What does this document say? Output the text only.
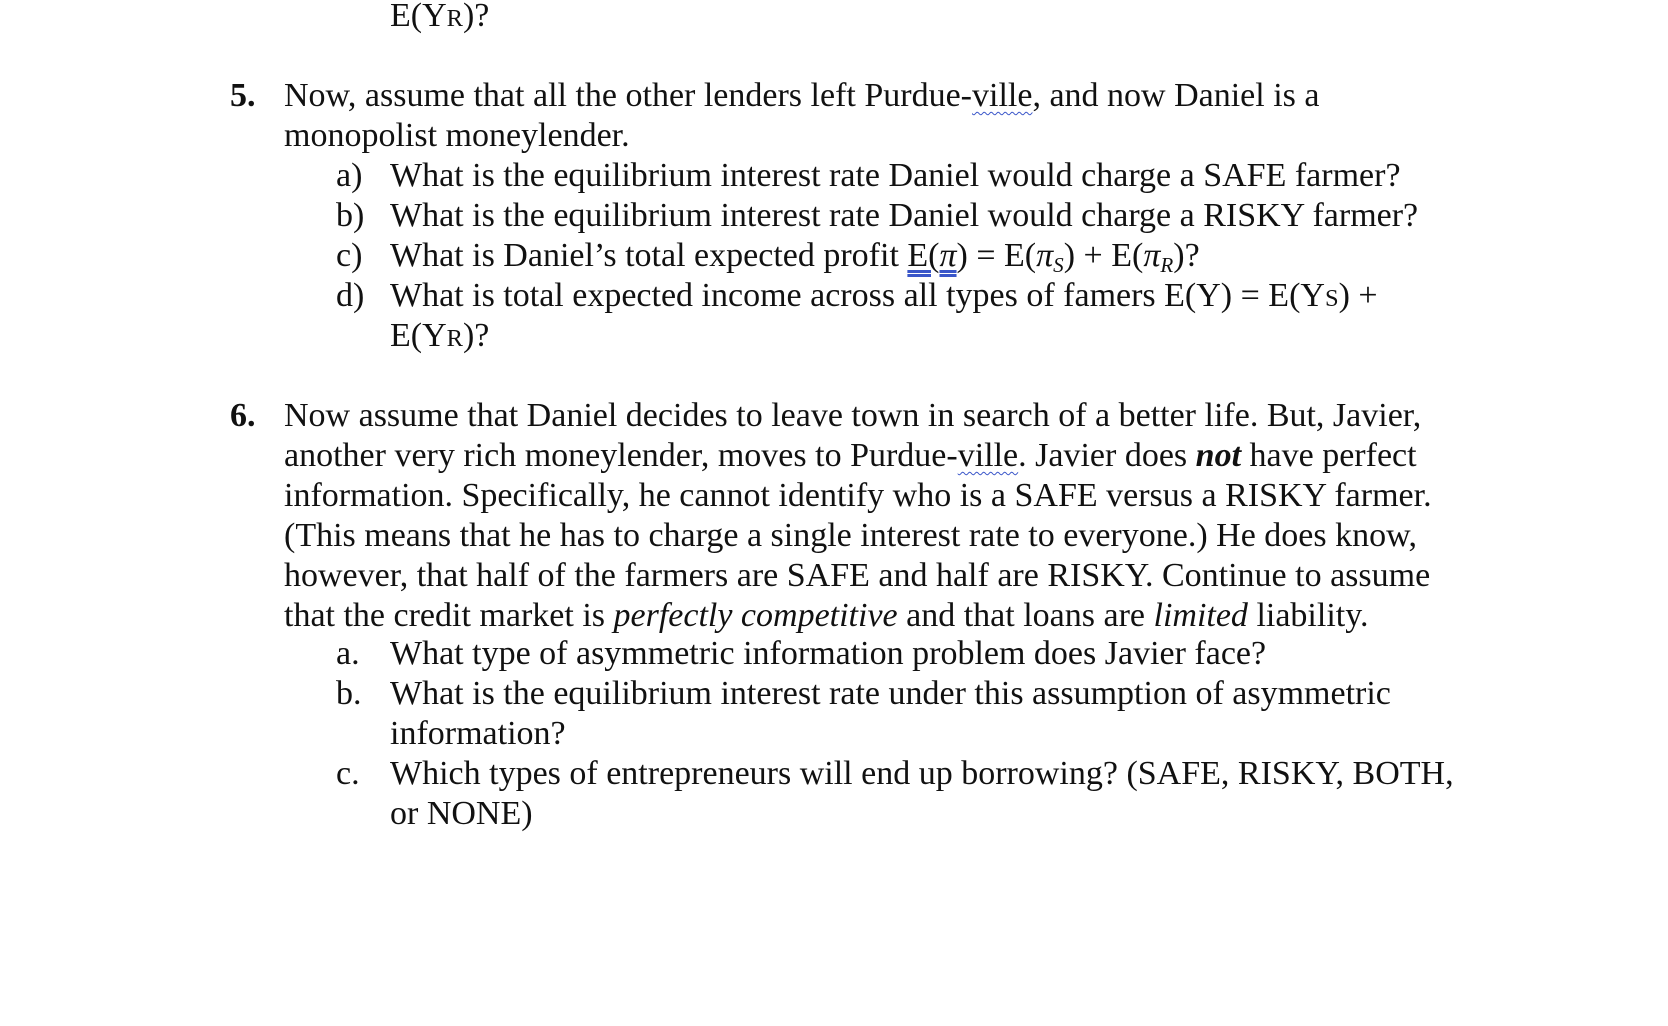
E(YR)?
5. Now, assume that all the other lenders left Purdue-ville, and now Daniel is a
monopolist moneylender.
a) What is the equilibrium interest rate Daniel would charge a SAFE farmer?
b) What is the equilibrium interest rate Daniel would charge a RISKY farmer?
c) What is Daniel’s total expected profit E(π) = E(πS) + E(πR)?
d) What is total expected income across all types of famers E(Y) = E(YS) +
E(YR)?
6. Now assume that Daniel decides to leave town in search of a better life. But, Javier,
another very rich moneylender, moves to Purdue-ville. Javier does not have perfect
information. Specifically, he cannot identify who is a SAFE versus a RISKY farmer.
(This means that he has to charge a single interest rate to everyone.) He does know,
however, that half of the farmers are SAFE and half are RISKY. Continue to assume
that the credit market is perfectly competitive and that loans are limited liability.
a. What type of asymmetric information problem does Javier face?
b. What is the equilibrium interest rate under this assumption of asymmetric
information?
c. Which types of entrepreneurs will end up borrowing? (SAFE, RISKY, BOTH,
or NONE)
